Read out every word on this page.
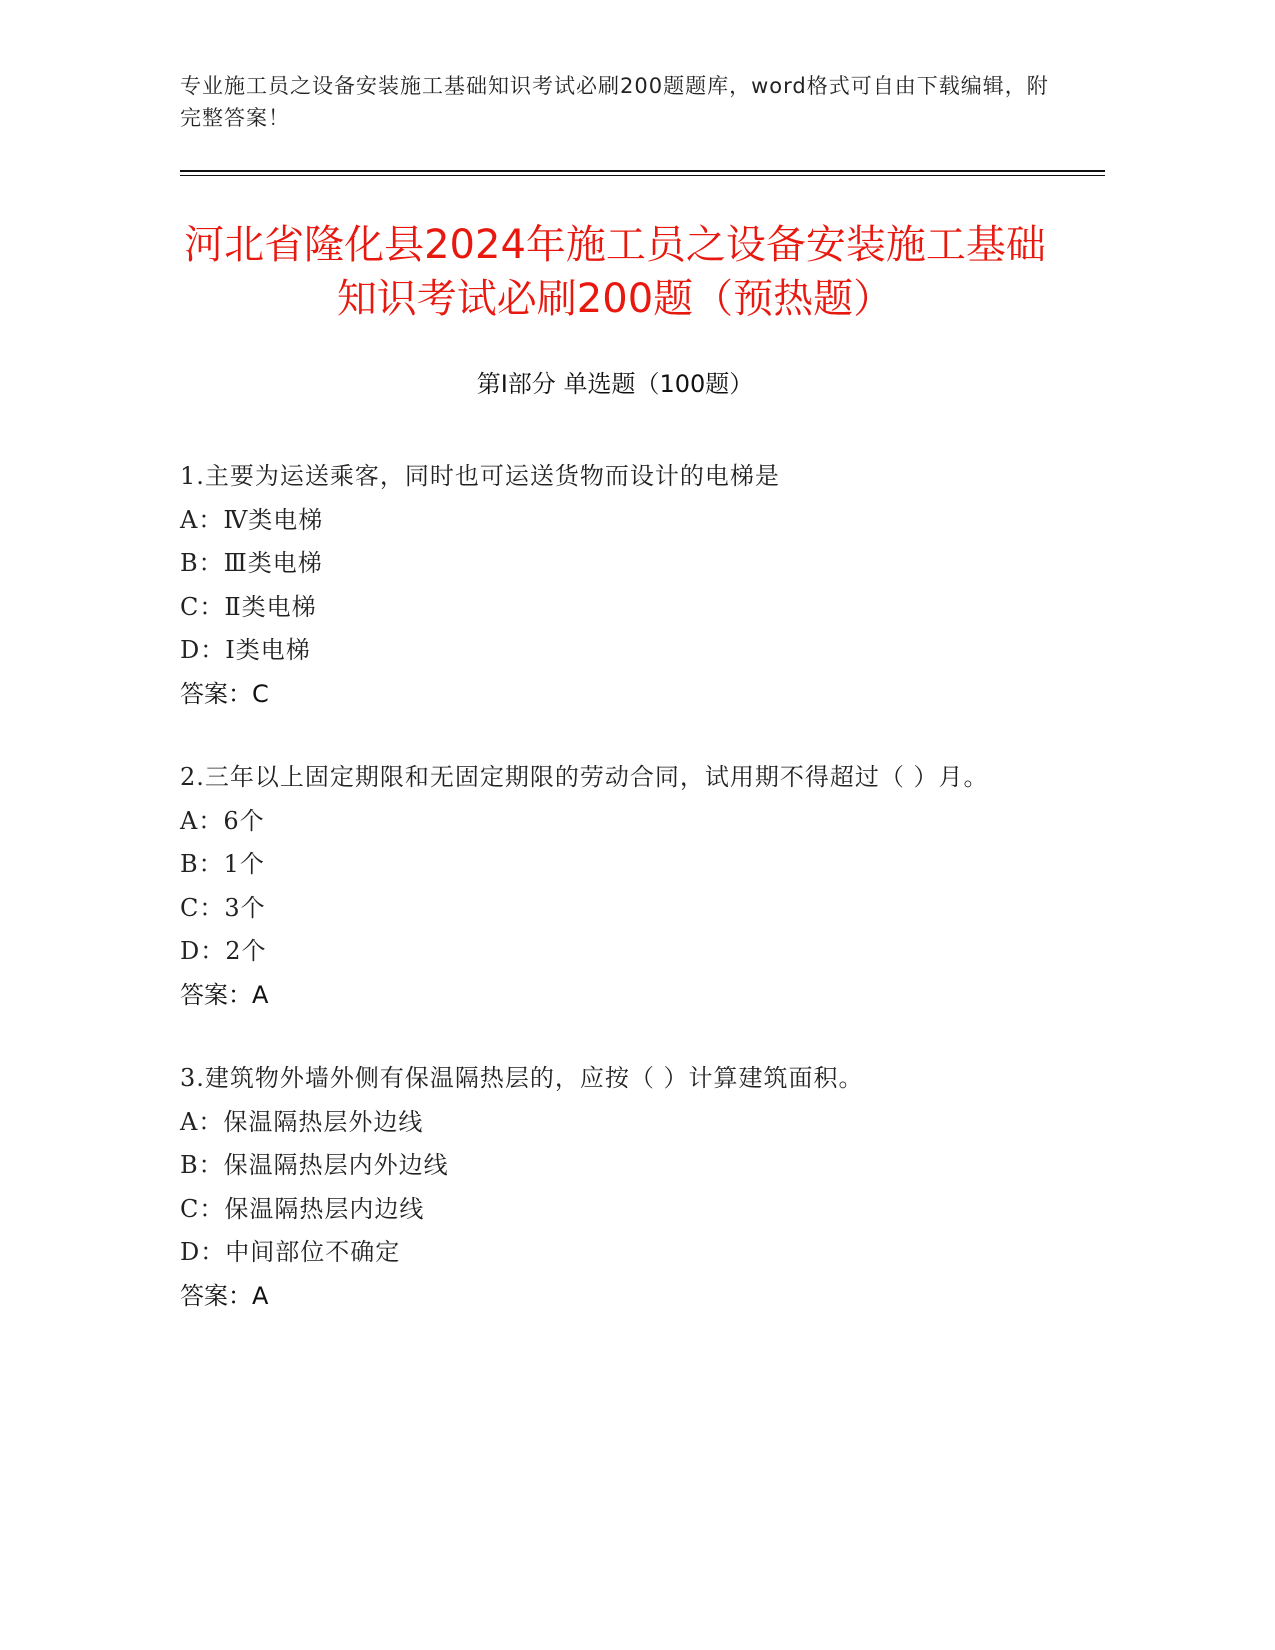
专业施工员之设备安装施工基础知识考试必刷200题题库，word格式可自由下载编辑，附完整答案！
河北省隆化县2024年施工员之设备安装施工基础知识考试必刷200题（预热题）
第Ⅰ部分 单选题（100题）
1.主要为运送乘客，同时也可运送货物而设计的电梯是
A：Ⅳ类电梯
B：Ⅲ类电梯
C：Ⅱ类电梯
D：Ⅰ类电梯
答案：C
2.三年以上固定期限和无固定期限的劳动合同，试用期不得超过（ ）月。
A：6个
B：1个
C：3个
D：2个
答案：A
3.建筑物外墙外侧有保温隔热层的，应按（ ）计算建筑面积。
A：保温隔热层外边线
B：保温隔热层内外边线
C：保温隔热层内边线
D：中间部位不确定
答案：A
